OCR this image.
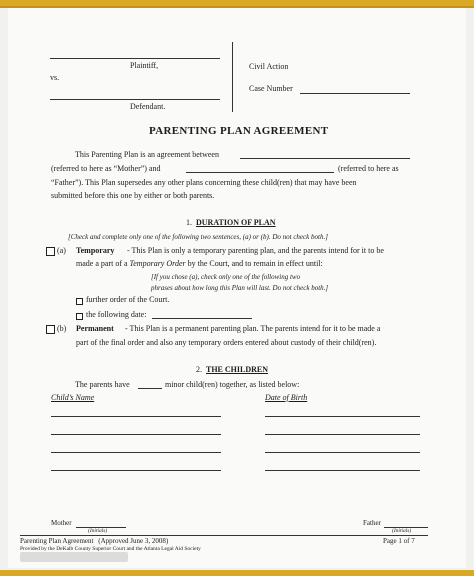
Plaintiff,
vs.
Defendant.
Civil Action
Case Number
PARENTING PLAN AGREEMENT
This Parenting Plan is an agreement between
(referred to here as “Mother”) and	(referred to here as
“Father”). This Plan supersedes any other plans concerning these child(ren) that may have been
submitted before this one by either or both parents.
1. DURATION OF PLAN
[Check and complete only one of the following two sentences, (a) or (b). Do not check both.]
(a) Temporary - This Plan is only a temporary parenting plan, and the parents intend for it to be
made a part of a Temporary Order by the Court, and to remain in effect until:
[If you chose (a), check only one of the following two
phrases about how long this Plan will last. Do not check both.]
further order of the Court.
the following date:
(b) Permanent - This Plan is a permanent parenting plan. The parents intend for it to be made a
part of the final order and also any temporary orders entered about custody of their child(ren).
2. THE CHILDREN
The parents have	minor child(ren) together, as listed below:
Child’s Name	Date of Birth
Mother
(Initials)
Father
(Initials)
Parenting Plan Agreement (Approved June 3, 2008)	Page 1 of 7
Provided by the DeKalb County Superior Court and the Atlanta Legal Aid Society
